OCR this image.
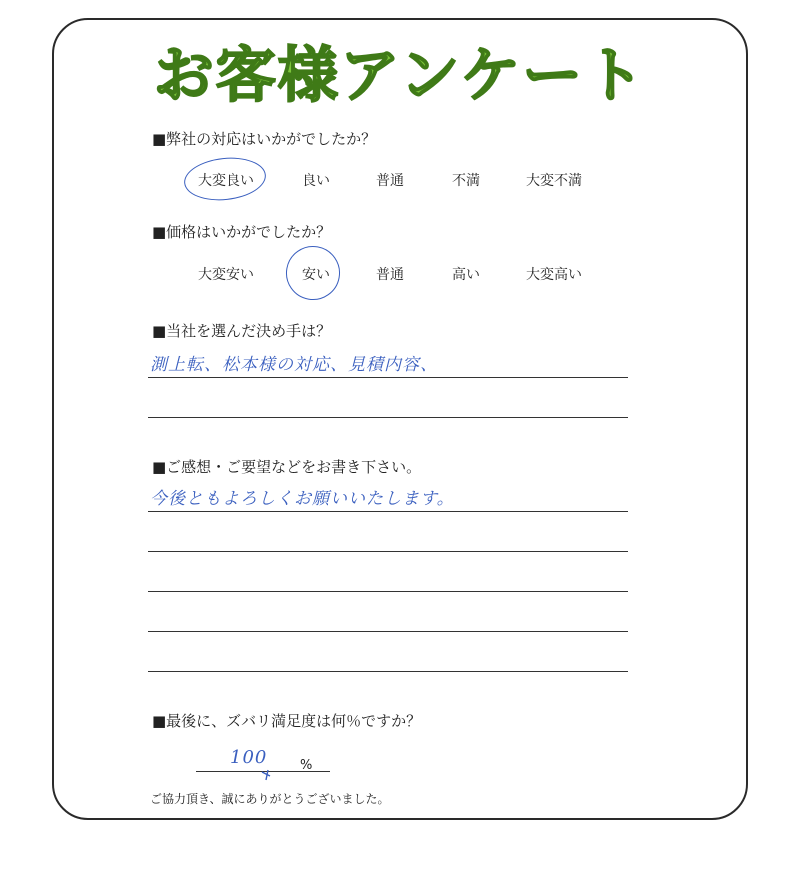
お客様アンケート
■弊社の対応はいかがでしたか？
大変良い	良い	普通	不満	大変不満
■価格はいかがでしたか？
大変安い	安い	普通	高い	大変高い
■当社を選んだ決め手は？
測上転、松本様の対応、見積内容、
■ご感想・ご要望などをお書き下さい。
今後ともよろしくお願いいたします。
■最後に、ズバリ満足度は何％ですか？
100	%
ご協力頂き、誠にありがとうございました。
